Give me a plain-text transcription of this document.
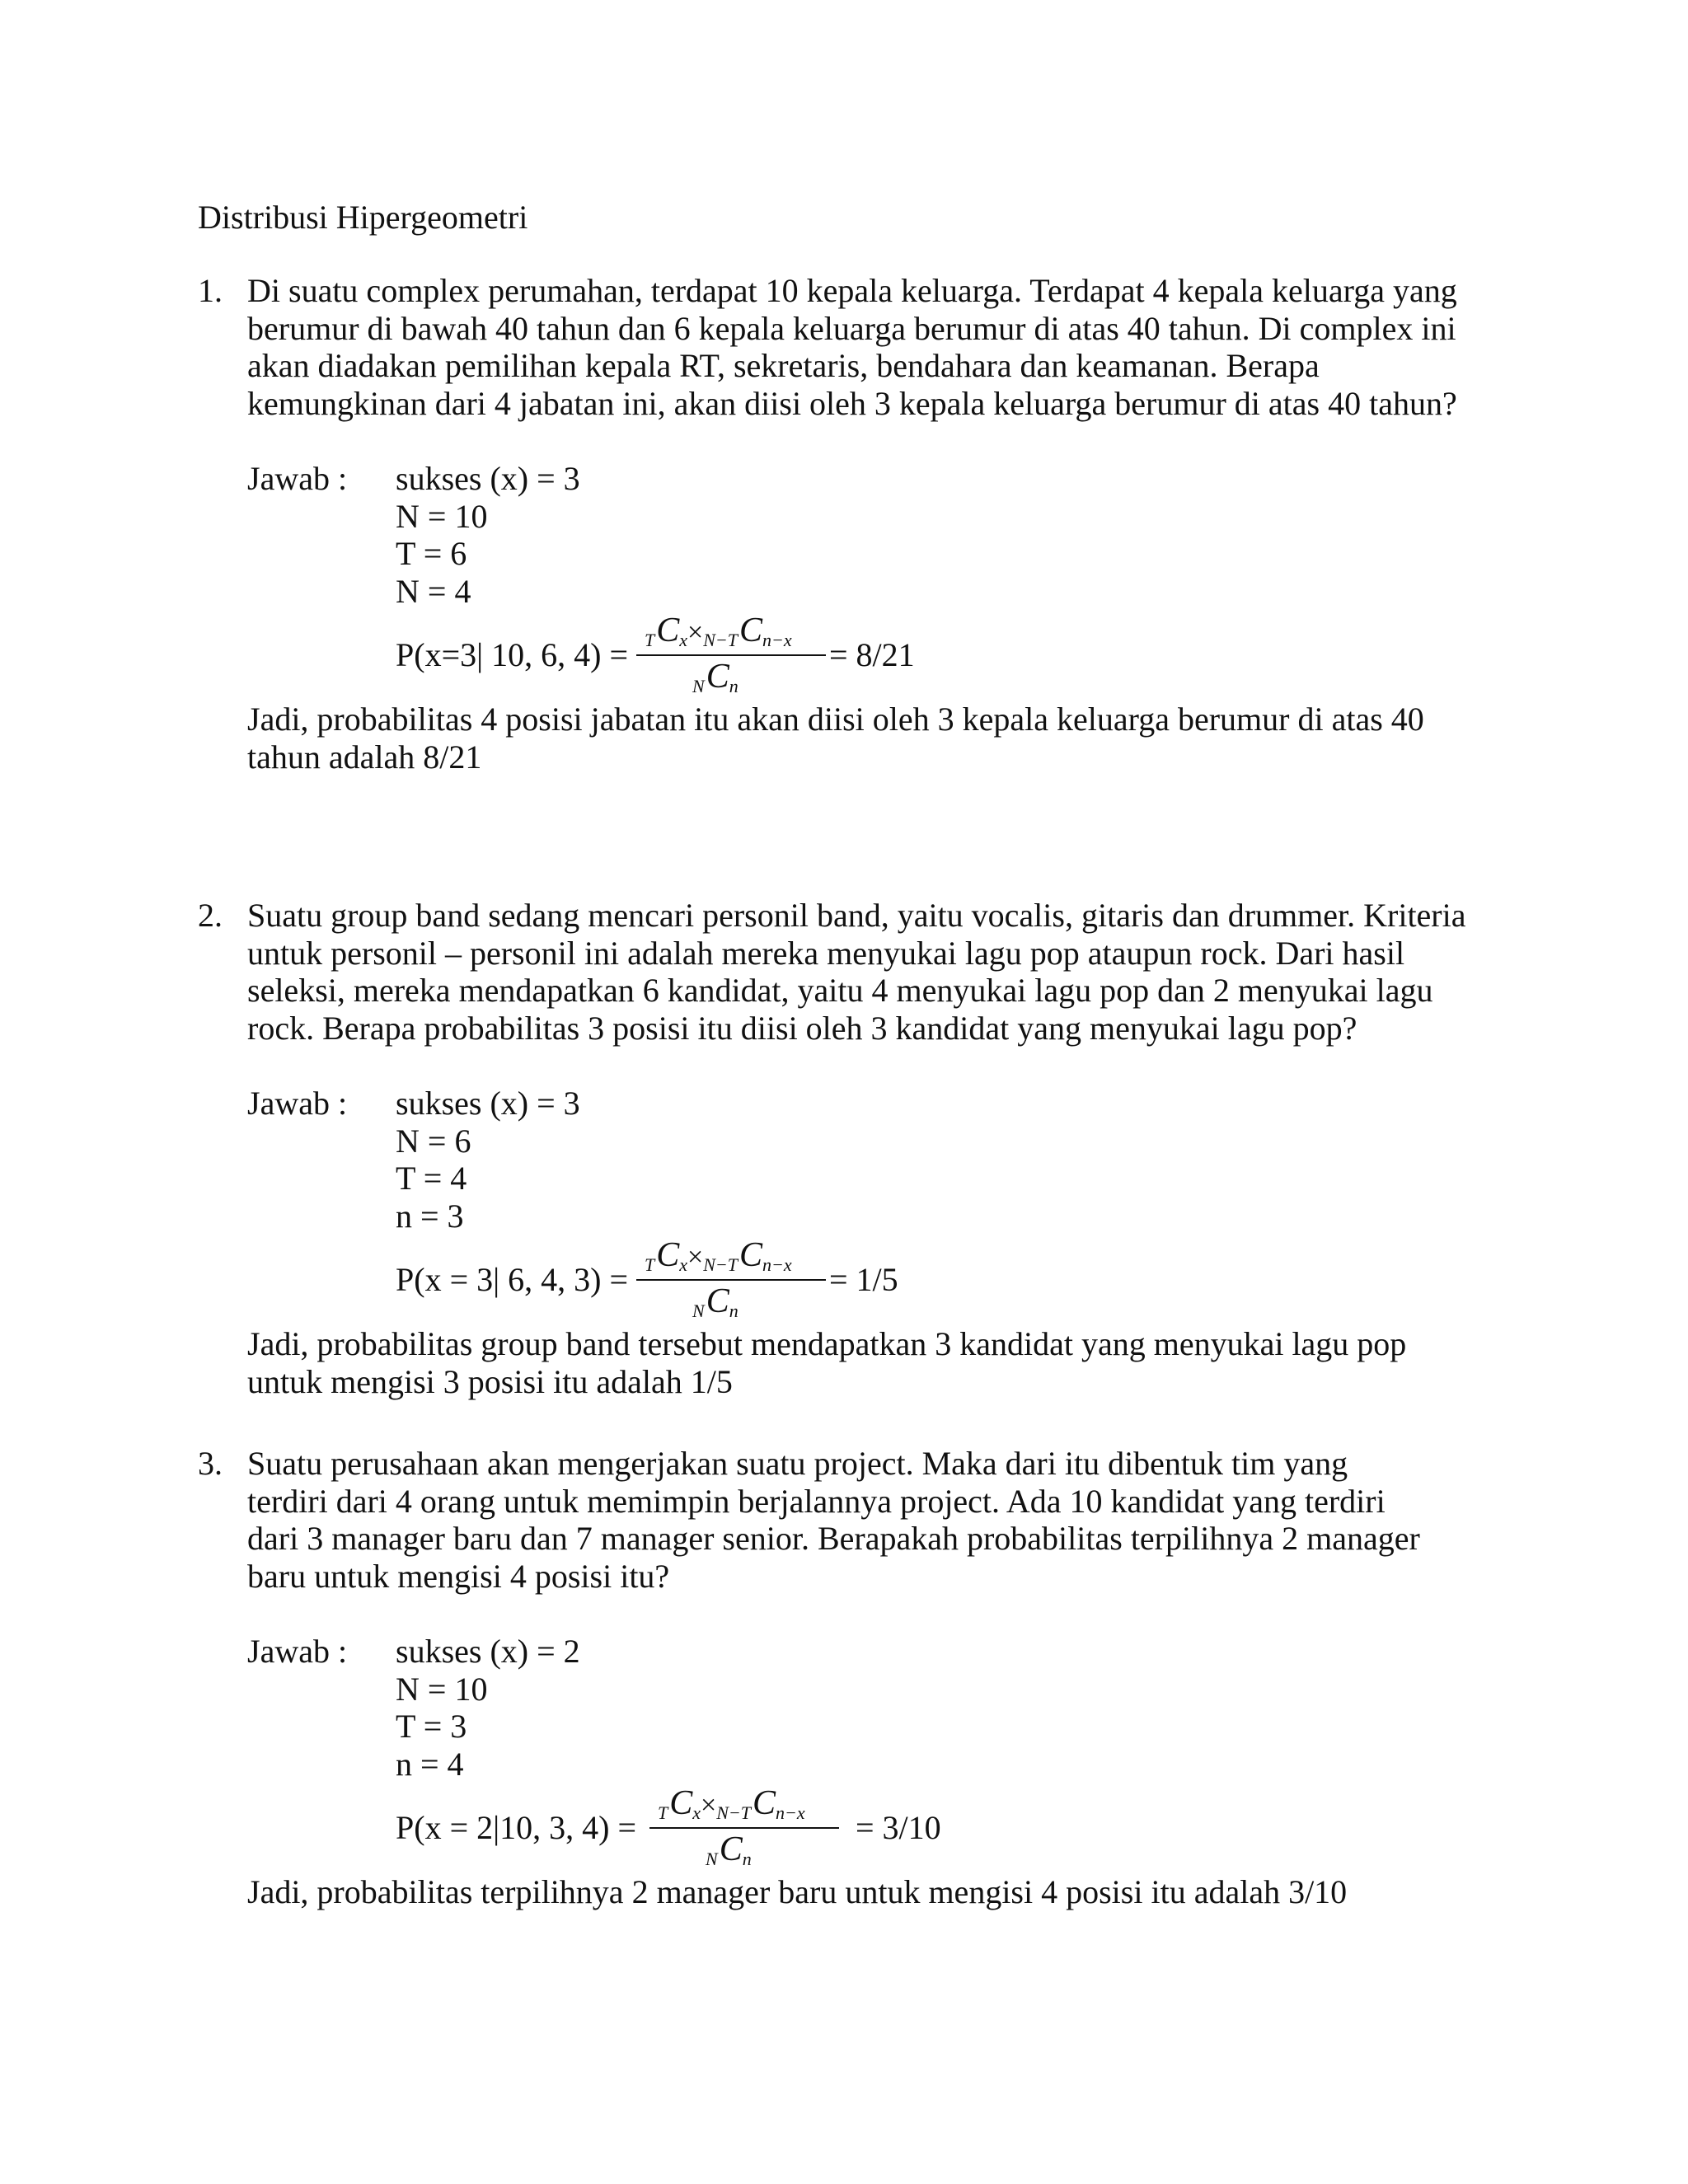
Distribusi Hipergeometri
1. Di suatu complex perumahan, terdapat 10 kepala keluarga. Terdapat 4 kepala keluarga yang berumur di bawah 40 tahun dan 6 kepala keluarga berumur di atas 40 tahun. Di complex ini akan diadakan pemilihan kepala RT, sekretaris, bendahara dan keamanan. Berapa kemungkinan dari 4 jabatan ini, akan diisi oleh 3 kepala keluarga berumur di atas 40 tahun?
Jawab : sukses (x) = 3
N = 10
T = 6
N = 4
P(x=3| 10, 6, $4) = TC_x\times N-TC_{n-x}$
$NC_n$
= 8/21
Jadi, probabilitas 4 posisi jabatan itu akan diisi oleh 3 kepala keluarga berumur di atas 40 tahun adalah 8/21
2. Suatu group band sedang mencari personil band, yaitu vocalis, gitaris dan drummer. Kriteria untuk personil – personil ini adalah mereka menyukai lagu pop ataupun rock. Dari hasil seleksi, mereka mendapatkan 6 kandidat, yaitu 4 menyukai lagu pop dan 2 menyukai lagu rock. Berapa probabilitas 3 posisi itu diisi oleh 3 kandidat yang menyukai lagu pop?
Jawab : sukses (x) = 3
N = 6
T = 4
n = 3
P(x = 3| 6, 4, $3) = TC_x\times N-TC_{n-x}$
$NC_n$
= 1/5
Jadi, probabilitas group band tersebut mendapatkan 3 kandidat yang menyukai lagu pop untuk mengisi 3 posisi itu adalah 1/5
3. Suatu perusahaan akan mengerjakan suatu project. Maka dari itu dibentuk tim yang terdiri dari 4 orang untuk memimpin berjalannya project. Ada 10 kandidat yang terdiri dari 3 manager baru dan 7 manager senior. Berapakah probabilitas terpilihnya 2 manager baru untuk mengisi 4 posisi itu?
Jawab : sukses (x) = 2
N = 10
T = 3
n = 4
P(x = 2|10, 3, $4) = TC_x\times N-TC_{n-x}$
$NC_n$
= 3/10
Jadi, probabilitas terpilihnya 2 manager baru untuk mengisi 4 posisi itu adalah 3/10
